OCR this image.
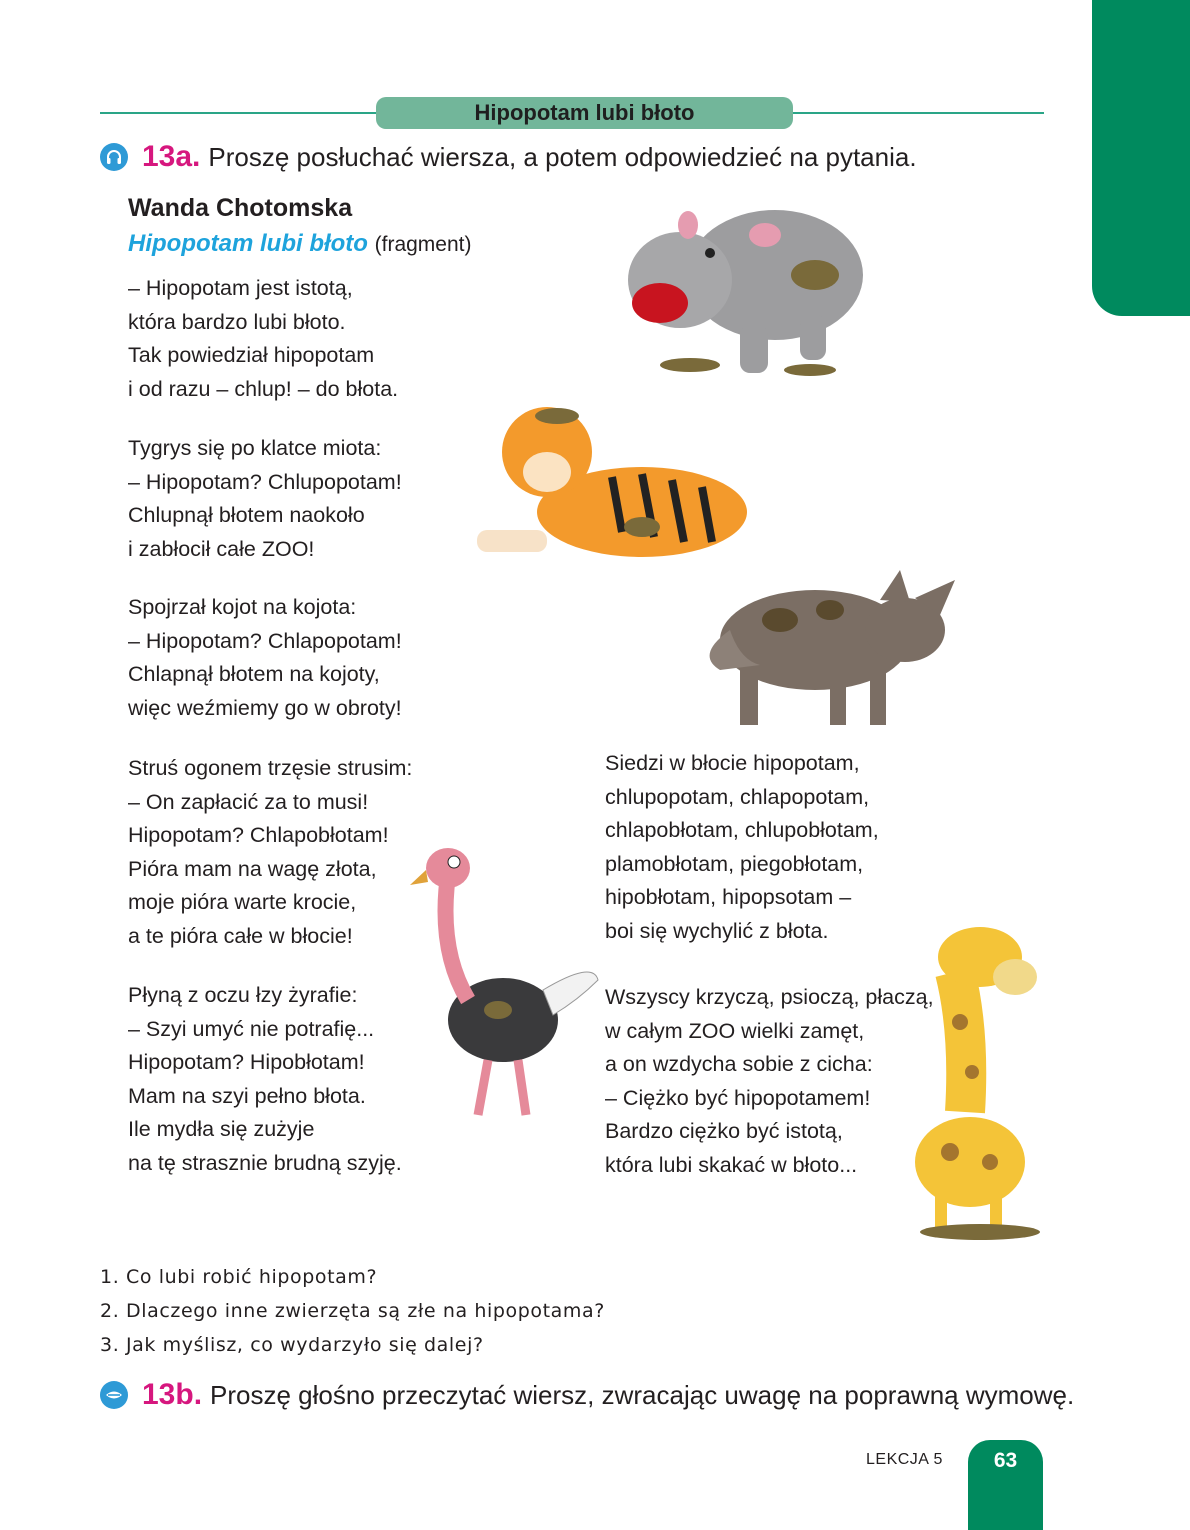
Hipopotam lubi błoto
13a. Proszę posłuchać wiersza, a potem odpowiedzieć na pytania.
Wanda Chotomska
Hipopotam lubi błoto (fragment)
– Hipopotam jest istotą,
która bardzo lubi błoto.
Tak powiedział hipopotam
i od razu – chlup! – do błota.
Tygrys się po klatce miota:
– Hipopotam? Chlupopotam!
Chlupnął błotem naokoło
i zabłocił całe ZOO!
Spojrzał kojot na kojota:
– Hipopotam? Chlapopotam!
Chlapnął błotem na kojoty,
więc weźmiemy go w obroty!
Struś ogonem trzęsie strusim:
– On zapłacić za to musi!
Hipopotam? Chlapobłotam!
Pióra mam na wagę złota,
moje pióra warte krocie,
a te pióra całe w błocie!
Płyną z oczu łzy żyrafie:
– Szyi umyć nie potrafię...
Hipopotam? Hipobłotam!
Mam na szyi pełno błota.
Ile mydła się zużyje
na tę strasznie brudną szyję.
Siedzi w błocie hipopotam,
chlupopotam, chlapopotam,
chlapobłotam, chlupobłotam,
plamobłotam, piegobłotam,
hipobłotam, hipopsotam –
boi się wychylić z błota.
Wszyscy krzyczą, psioczą, płaczą,
w całym ZOO wielki zamęt,
a on wzdycha sobie z cicha:
– Ciężko być hipopotamem!
Bardzo ciężko być istotą,
która lubi skakać w błoto...
1. Co lubi robić hipopotam?
2. Dlaczego inne zwierzęta są złe na hipopotama?
3. Jak myślisz, co wydarzyło się dalej?
13b. Proszę głośno przeczytać wiersz, zwracając uwagę na poprawną wymowę.
LEKCJA 5 63
